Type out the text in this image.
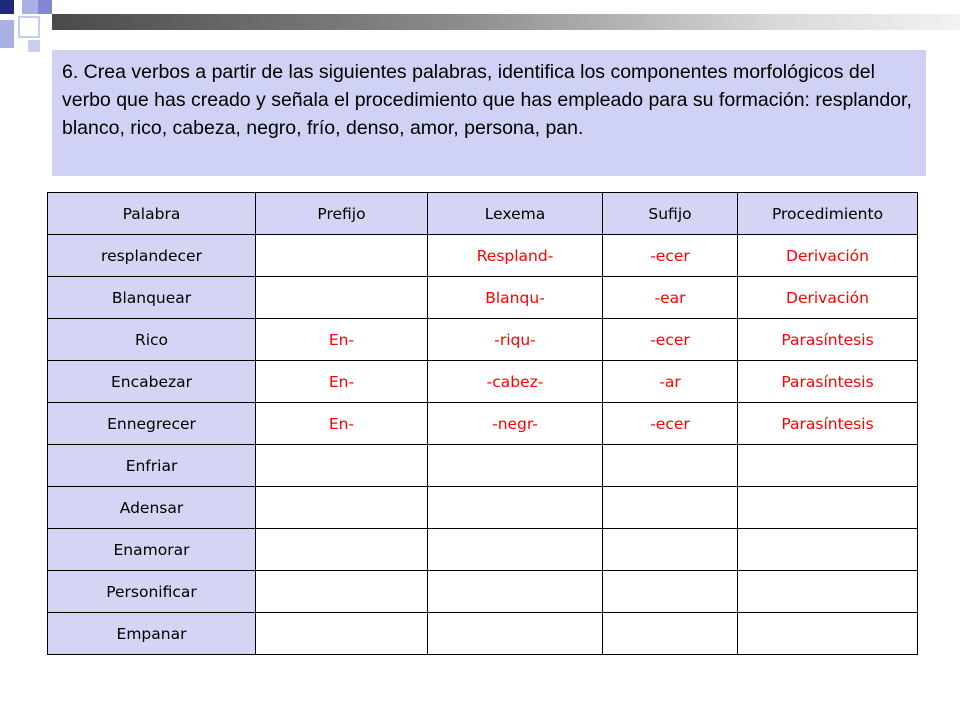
6. Crea verbos a partir de las siguientes palabras, identifica los componentes morfológicos del verbo que has creado y señala el procedimiento que has empleado para su formación: resplandor, blanco, rico, cabeza, negro, frío, denso, amor, persona, pan.
Palabra	Prefijo	Lexema	Sufijo	Procedimiento
resplandecer		Respland-	-ecer	Derivación
Blanquear		Blanqu-	-ear	Derivación
Rico	En-	-riqu-	-ecer	Parasíntesis
Encabezar	En-	-cabez-	-ar	Parasíntesis
Ennegrecer	En-	-negr-	-ecer	Parasíntesis
Enfriar				
Adensar				
Enamorar				
Personificar				
Empanar				
